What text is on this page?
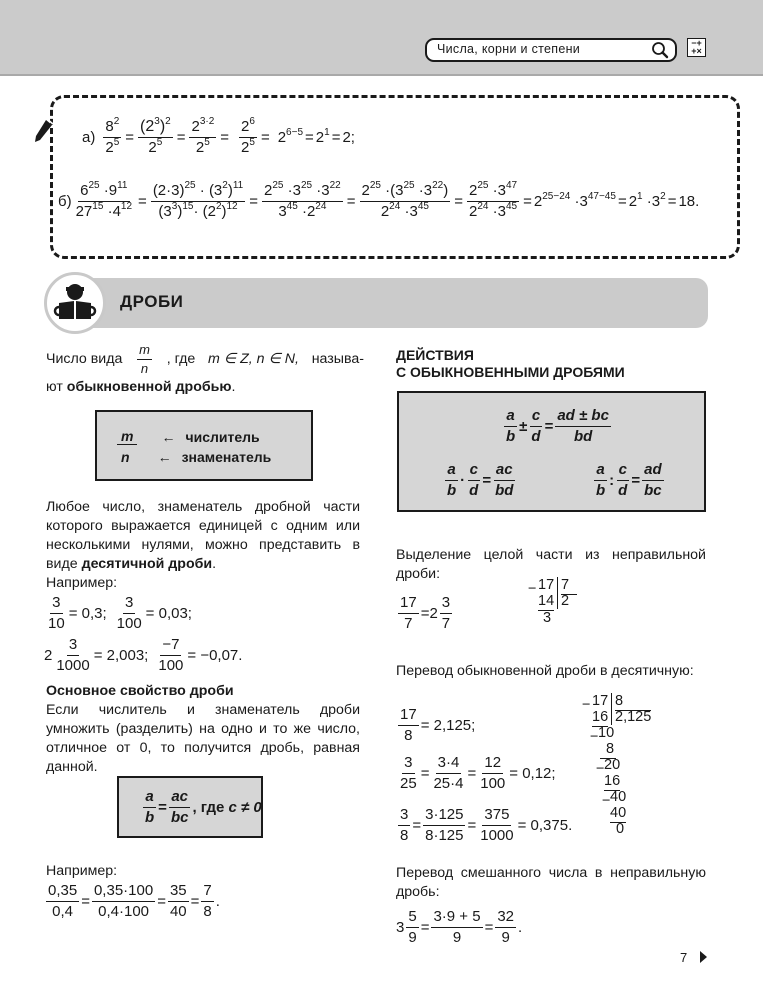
Числа, корни и степени	−+
+×
$а) \frac{8^2}{2^5} = \frac{(2^3)^2}{2^5} = \frac{2^{3\cdot 2}}{2^5} = \frac{2^6}{2^5} = 2^{6-5} = 2^1 = 2$;
$б) \frac{6^{25} \cdot 9^{11}}{27^{15} \cdot 4^{12}} = \frac{(2\cdot 3)^{25} \cdot (3^2)^{11}}{(3^3)^{15}\cdot (2^2)^{12}} = \frac{2^{25} \cdot 3^{25} \cdot 3^{22}}{3^{45} \cdot 2^{24}} = \frac{2^{25} \cdot(3^{25} \cdot 3^{22})}{2^{24} \cdot 3^{45}} = \frac{2^{25} \cdot 3^{47}}{2^{24} \cdot 3^{45}} = 2^{25-24} \cdot 3^{47-45} = 2^1 \cdot 3^2 = 18$.
ДРОБИ
Число вида $\frac{m}{n}$ , где m ∈ Z, n ∈ N, называ-
ют обыкновенной дробью.
m ← числитель
n ← знаменатель
Любое число, знаменатель дробной части которого выражается единицей с одним или несколькими нулями, можно представить в виде десятичной дроби.
Например:
$\frac{3}{10} = 0,3$; $\frac{3}{100} = 0,03$;
$2 \frac{3}{1000} = 2,003$; $\frac{-7}{100} = -0,07$.
Основное свойство дроби
Если числитель и знаменатель дроби умножить (разделить) на одно и то же число, отличное от 0, то получится дробь, равная данной.
$\frac{a}{b} = \frac{ac}{bc}$ , где
c ≠ 0
Например:
$\frac{0,35}{0,4} = \frac{0,35\cdot 100}{0,4\cdot 100} = \frac{35}{40} = \frac{7}{8}$ .
ДЕЙСТВИЯ
С ОБЫКНОВЕННЫМИ ДРОБЯМИ
$\frac{a}{b} \pm \frac{c}{d} = \frac{ad \pm bc}{bd}$
$\frac{a}{b} \cdot \frac{c}{d} = \frac{ac}{bd}$	$\frac{a}{b}$ : $\frac{c}{d} = \frac{ad}{bc}$
Выделение целой части из неправильной дроби:
$\frac{17}{7} = 2 \frac{3}{7}$
− 17 7
14 2
3
Перевод обыкновенной дроби в десятичную:
$\frac{17}{8} = 2,125$;
$\frac{3}{25} = \frac{3\cdot 4}{25\cdot 4} = \frac{12}{100} = 0,12$;
$\frac{3}{8} = \frac{3\cdot 125}{8\cdot 125} = \frac{375}{1000} = 0,375$.
− 17 8
16 2,125
− 10
8
− 20
16
− 40
40
0
Перевод смешанного числа в неправильную дробь:
$3 \frac{5}{9} = \frac{3\cdot 9 + 5}{9} = \frac{32}{9}$ .
7
